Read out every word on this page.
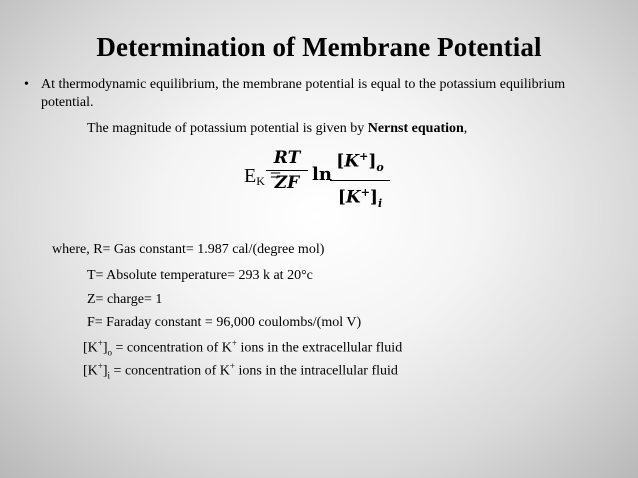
Determination of Membrane Potential
• At thermodynamic equilibrium, the membrane potential is equal to the potassium equilibrium potential.
The magnitude of potassium potential is given by Nernst equation,
EK =
RT
ZF ln
$[K^+]_o$
$[K^+]_i$
where, R= Gas constant= 1.987 cal/(degree mol)
T= Absolute temperature= 293 k at 20°c
Z= charge= 1
F= Faraday constant = 96,000 coulombs/(mol V)
$[K^+]_o$ = concentration of K+ ions in the extracellular fluid
$[K^+]_i$ = concentration of K+ ions in the intracellular fluid
